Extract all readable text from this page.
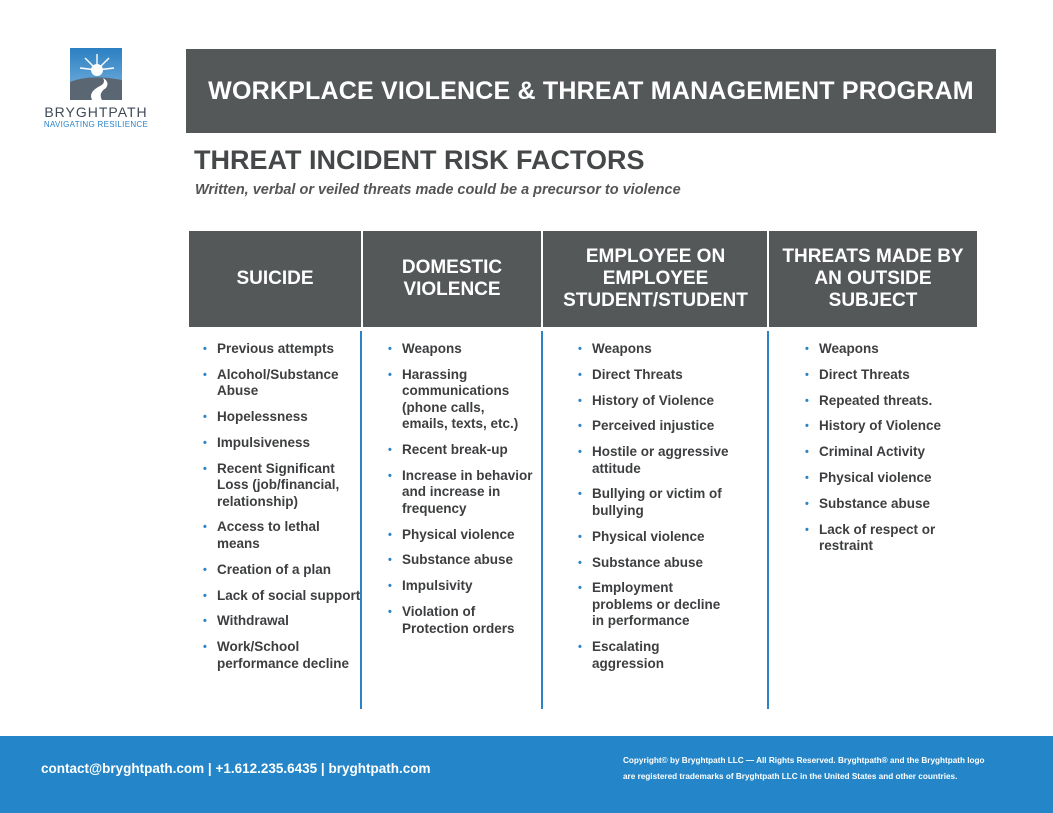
BRYGHTPATH
NAVIGATING RESILIENCE
WORKPLACE VIOLENCE & THREAT MANAGEMENT PROGRAM
THREAT INCIDENT RISK FACTORS
Written, verbal or veiled threats made could be a precursor to violence
SUICIDE
• Previous attempts
• Alcohol/Substance Abuse
• Hopelessness
• Impulsiveness
• Recent Significant Loss (job/financial, relationship)
• Access to lethal means
• Creation of a plan
• Lack of social support
• Withdrawal
• Work/School performance decline
DOMESTIC VIOLENCE
• Weapons
• Harassing communications (phone calls, emails, texts, etc.)
• Recent break-up
• Increase in behavior and increase in frequency
• Physical violence
• Substance abuse
• Impulsivity
• Violation of Protection orders
EMPLOYEE ON EMPLOYEE STUDENT/STUDENT
• Weapons
• Direct Threats
• History of Violence
• Perceived injustice
• Hostile or aggressive attitude
• Bullying or victim of bullying
• Physical violence
• Substance abuse
• Employment problems or decline in performance
• Escalating aggression
THREATS MADE BY AN OUTSIDE SUBJECT
• Weapons
• Direct Threats
• Repeated threats.
• History of Violence
• Criminal Activity
• Physical violence
• Substance abuse
• Lack of respect or restraint
contact@bryghtpath.com | +1.612.235.6435 | bryghtpath.com
Copyright© by Bryghtpath LLC — All Rights Reserved. Bryghtpath® and the Bryghtpath logo
are registered trademarks of Bryghtpath LLC in the United States and other countries.
